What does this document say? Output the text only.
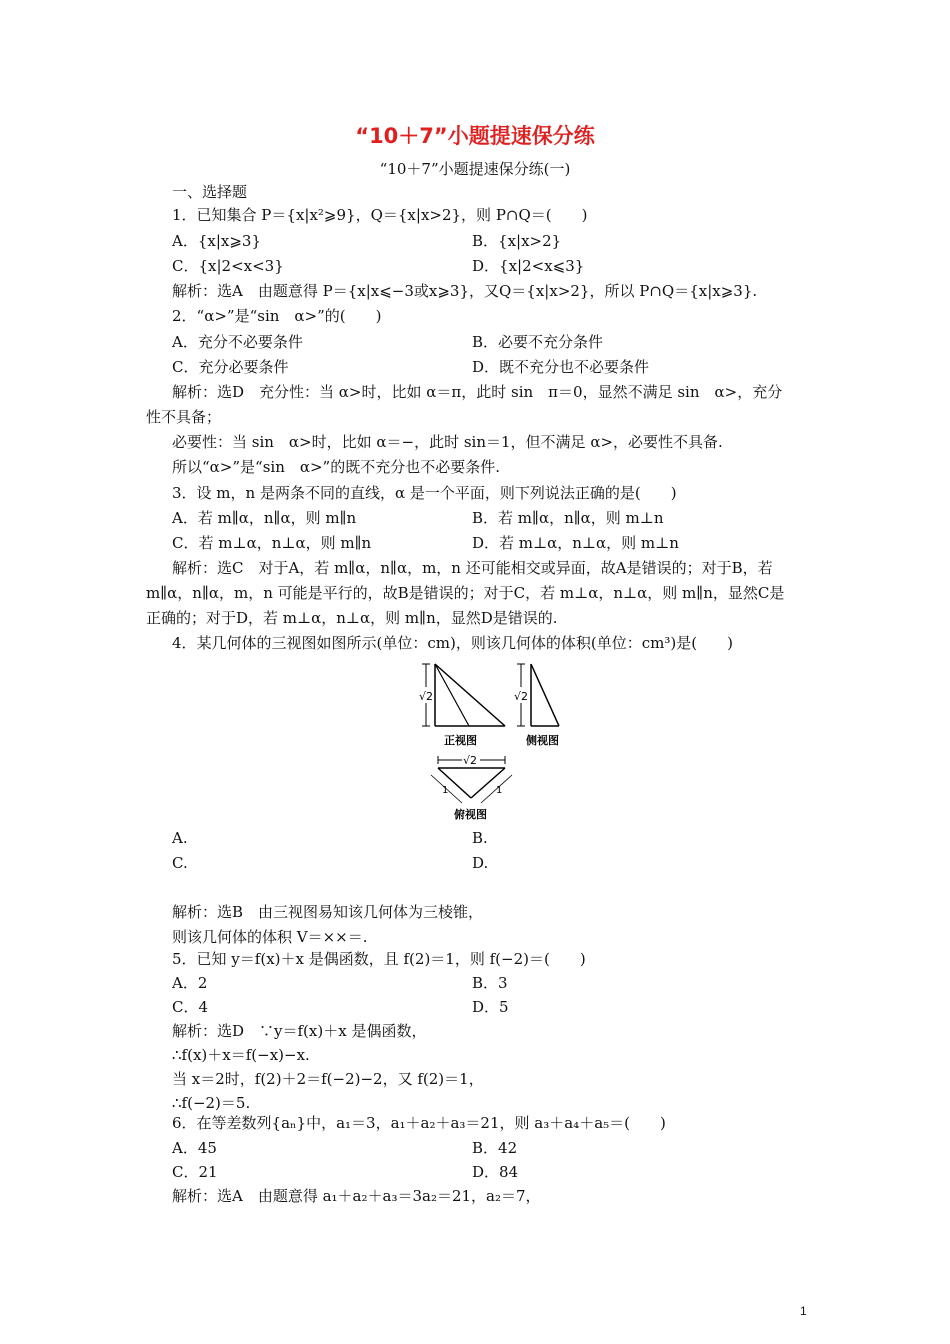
“10＋7”小题提速保分练
“10＋7”小题提速保分练(一)
一、选择题
1．已知集合 P＝{x|x²⩾9}，Q＝{x|x>2}，则 P∩Q＝(　　)
A．{x|x⩾3}	B．{x|x>2}
C．{x|2<x<3}	D．{x|2<x⩽3}
解析：选A　由题意得 P＝{x|x⩽−3或x⩾3}，又Q＝{x|x>2}，所以 P∩Q＝{x|x⩾3}.
2．“α>”是“sin　α>”的(　　)
A．充分不必要条件	B．必要不充分条件
C．充分必要条件	D．既不充分也不必要条件
解析：选D　充分性：当 α>时，比如 α＝π，此时 sin　π＝0，显然不满足 sin　α>，充分
性不具备；
必要性：当 sin　α>时，比如 α＝−，此时 sin＝1，但不满足 α>，必要性不具备.
所以“α>”是“sin　α>”的既不充分也不必要条件.
3．设 m，n 是两条不同的直线，α 是一个平面，则下列说法正确的是(　　)
A．若 m∥α，n∥α，则 m∥n	B．若 m∥α，n∥α，则 m⊥n
C．若 m⊥α，n⊥α，则 m∥n	D．若 m⊥α，n⊥α，则 m⊥n
解析：选C　对于A，若 m∥α，n∥α，m，n 还可能相交或异面，故A是错误的；对于B，若
m∥α，n∥α，m，n 可能是平行的，故B是错误的；对于C，若 m⊥α，n⊥α，则 m∥n，显然C是
正确的；对于D，若 m⊥α，n⊥α，则 m∥n，显然D是错误的.
4．某几何体的三视图如图所示(单位：cm)，则该几何体的体积(单位：cm³)是(　　)
A.	B.
C.	D.
解析：选B　由三视图易知该几何体为三棱锥，
则该几何体的体积 V＝××＝.
5．已知 y＝f(x)＋x 是偶函数，且 f(2)＝1，则 f(−2)＝(　　)
A．2	B．3
C．4	D．5
解析：选D　∵y＝f(x)＋x 是偶函数，
∴f(x)＋x＝f(−x)−x.
当 x＝2时，f(2)＋2＝f(−2)−2，又 f(2)＝1，
∴f(−2)＝5.
6．在等差数列{aₙ}中，a₁＝3，a₁＋a₂＋a₃＝21，则 a₃＋a₄＋a₅＝(　　)
A．45	B．42
C．21	D．84
解析：选A　由题意得 a₁＋a₂＋a₃＝3a₂＝21，a₂＝7，
√2	√2
正视图	侧视图
√2
1	1
俯视图
1
